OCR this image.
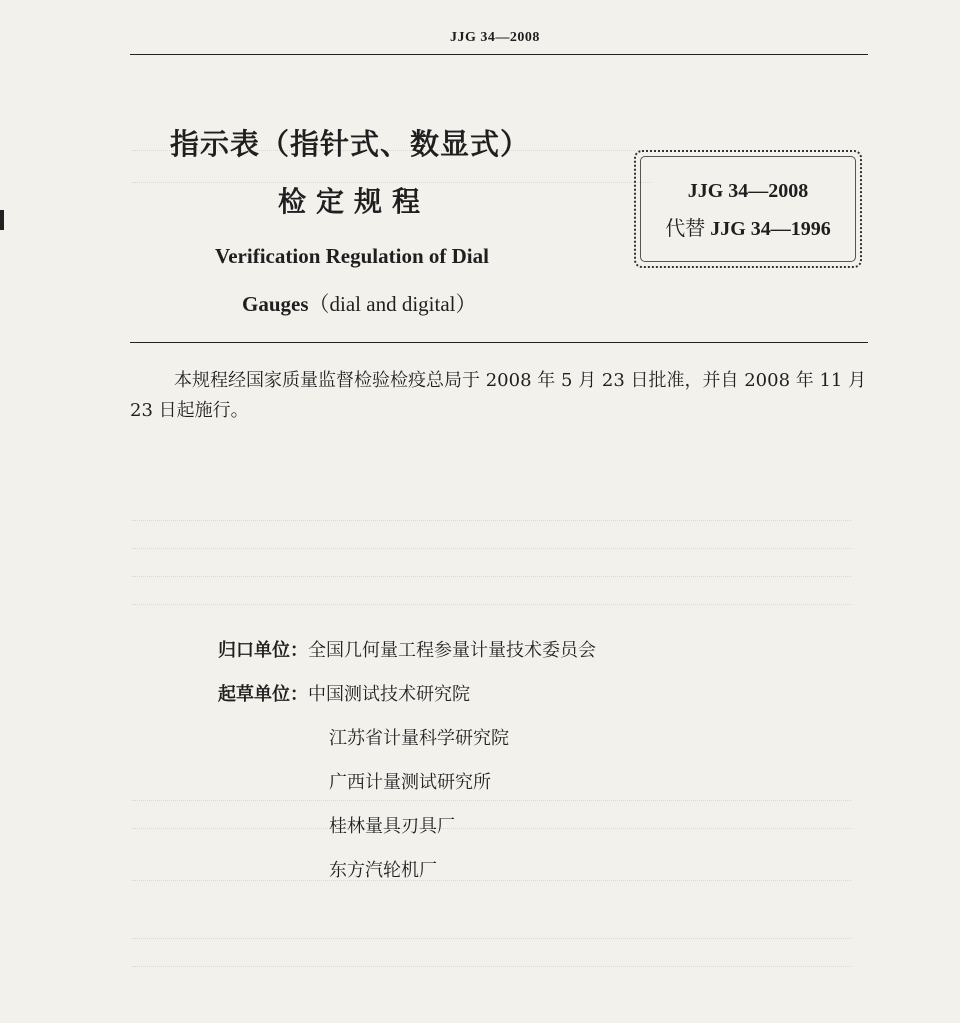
JJG 34—2008
指示表（指针式、数显式）
检定规程
Verification Regulation of Dial
Gauges（dial and digital）
JJG 34—2008
代替 JJG 34—1996
本规程经国家质量监督检验检疫总局于 2008 年 5 月 23 日批准，并自 2008 年 11 月 23 日起施行。
归口单位：全国几何量工程参量计量技术委员会
起草单位：中国测试技术研究院
江苏省计量科学研究院
广西计量测试研究所
桂林量具刃具厂
东方汽轮机厂
